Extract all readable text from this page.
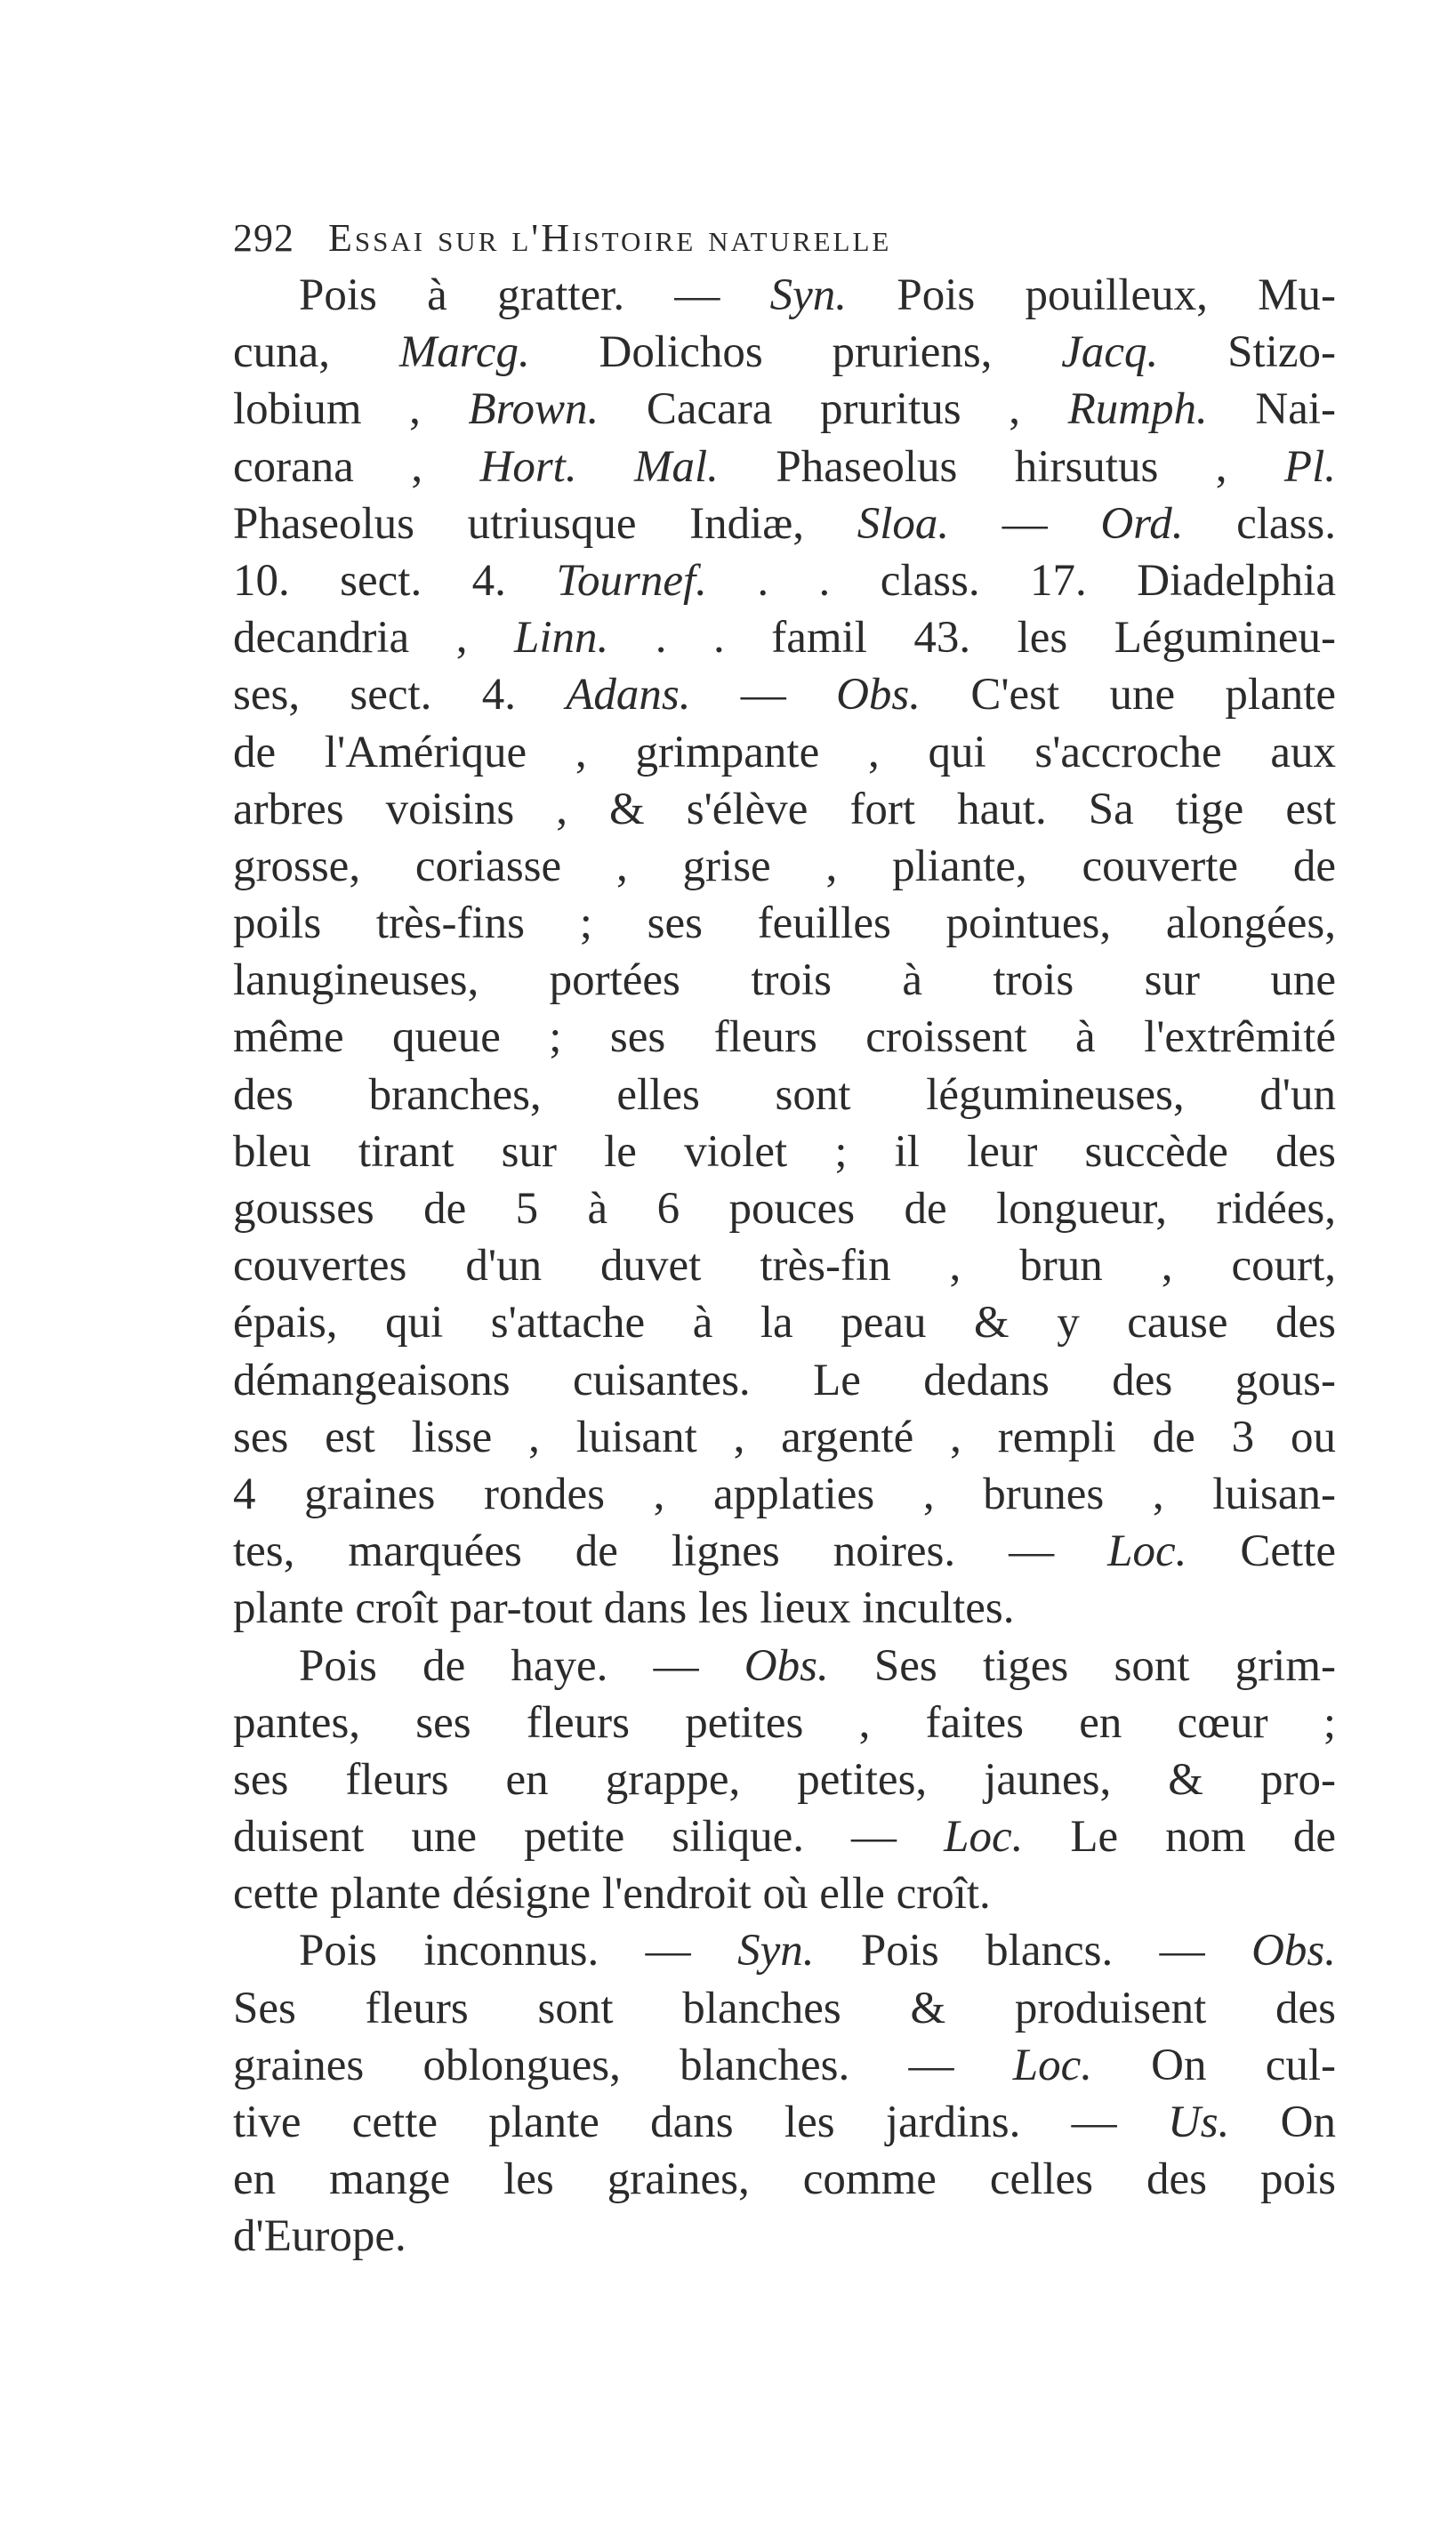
292 Essai sur l'Histoire naturelle
Pois à gratter. — Syn. Pois pouilleux, Mu-
cuna, Marcg. Dolichos pruriens, Jacq. Stizo-
lobium , Brown. Cacara pruritus , Rumph. Nai-
corana , Hort. Mal. Phaseolus hirsutus , Pl.
Phaseolus utriusque Indiæ, Sloa. — Ord. class.
10. sect. 4. Tournef. . . class. 17. Diadelphia
decandria , Linn. . . famil 43. les Légumineu-
ses, sect. 4. Adans. — Obs. C'est une plante
de l'Amérique , grimpante , qui s'accroche aux
arbres voisins , & s'élève fort haut. Sa tige est
grosse, coriasse , grise , pliante, couverte de
poils très-fins ; ses feuilles pointues, alongées,
lanugineuses, portées trois à trois sur une
même queue ; ses fleurs croissent à l'extrêmité
des branches, elles sont légumineuses, d'un
bleu tirant sur le violet ; il leur succède des
gousses de 5 à 6 pouces de longueur, ridées,
couvertes d'un duvet très-fin , brun , court,
épais, qui s'attache à la peau & y cause des
démangeaisons cuisantes. Le dedans des gous-
ses est lisse , luisant , argenté , rempli de 3 ou
4 graines rondes , applaties , brunes , luisan-
tes, marquées de lignes noires. — Loc. Cette
plante croît par-tout dans les lieux incultes.
Pois de haye. — Obs. Ses tiges sont grim-
pantes, ses fleurs petites , faites en cœur ;
ses fleurs en grappe, petites, jaunes, & pro-
duisent une petite silique. — Loc. Le nom de
cette plante désigne l'endroit où elle croît.
Pois inconnus. — Syn. Pois blancs. — Obs.
Ses fleurs sont blanches & produisent des
graines oblongues, blanches. — Loc. On cul-
tive cette plante dans les jardins. — Us. On
en mange les graines, comme celles des pois
d'Europe.
